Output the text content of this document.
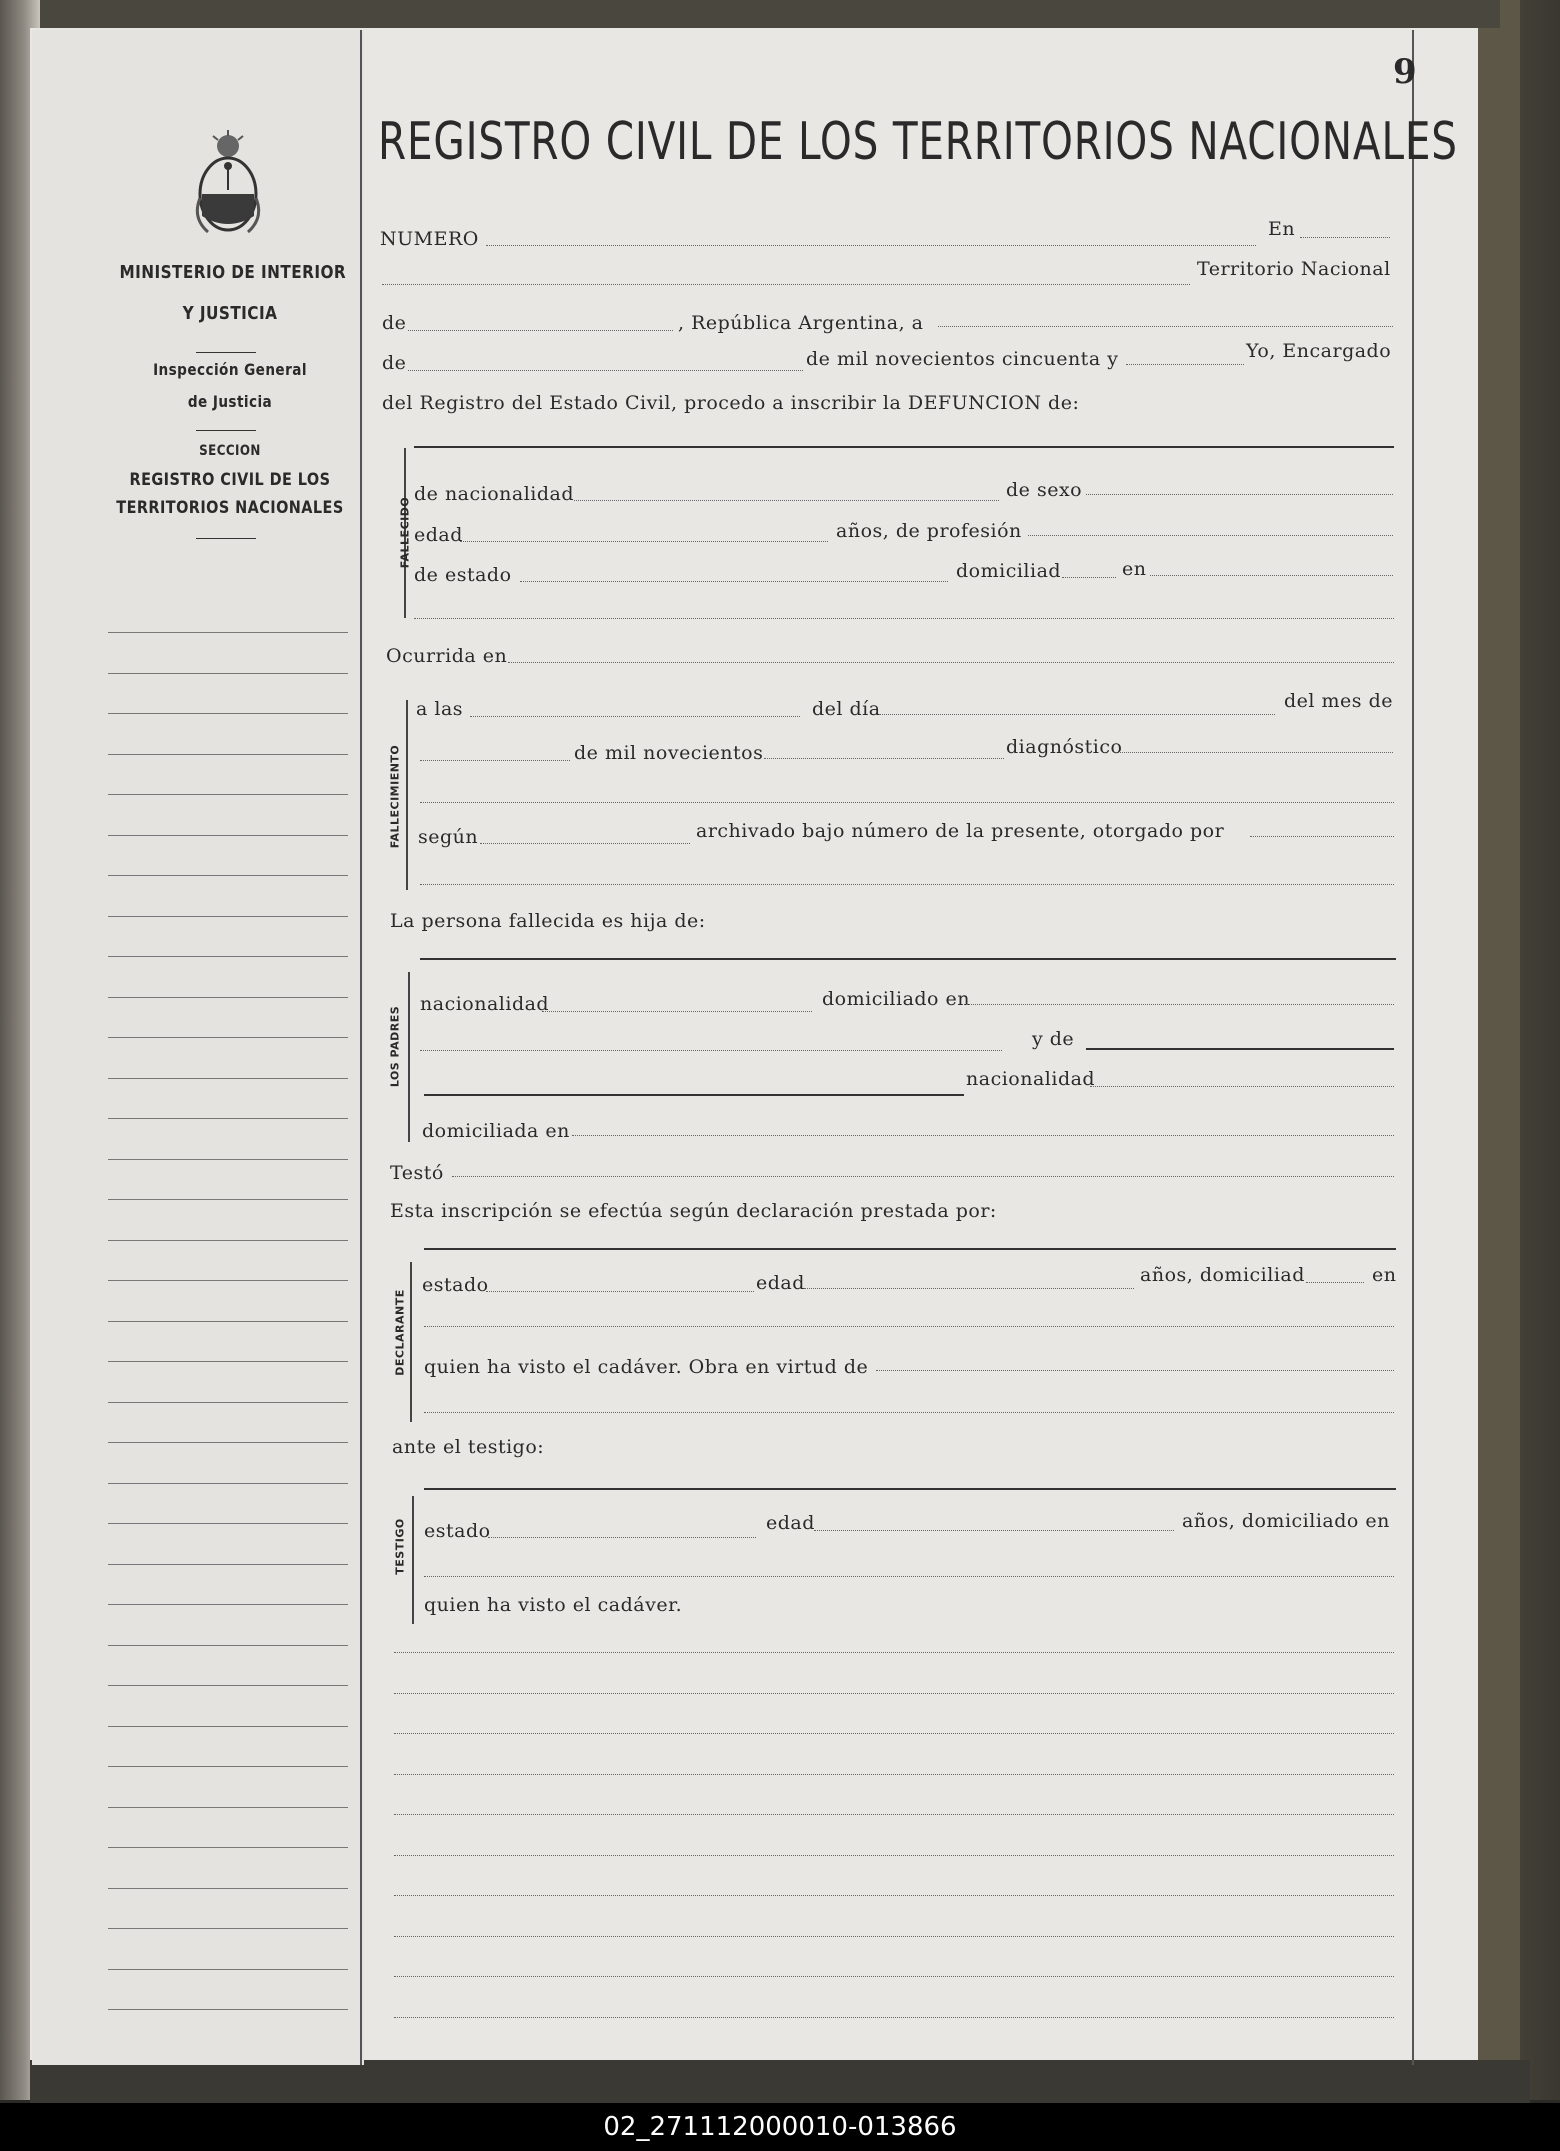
9
MINISTERIO DE INTERIOR
Y JUSTICIA
Inspección General
de Justicia
SECCION
REGISTRO CIVIL DE LOS
TERRITORIOS NACIONALES
REGISTRO CIVIL DE LOS TERRITORIOS NACIONALES
NUMERO	En
Territorio Nacional
de	, República Argentina, a
de	de mil novecientos cincuenta y	Yo, Encargado
del Registro del Estado Civil, procedo a inscribir la DEFUNCION de:
FALLECIDO
de nacionalidad	de sexo
edad	años, de profesión
de estado	domiciliad	en
Ocurrida en
FALLECIMIENTO
a las	del día	del mes de
de mil novecientos	diagnóstico
según	archivado bajo número de la presente, otorgado por
La persona fallecida es hija de:
LOS PADRES
nacionalidad	domiciliado en
y de
nacionalidad
domiciliada en
Testó
Esta inscripción se efectúa según declaración prestada por:
DECLARANTE
estado	edad	años, domiciliad	en
quien ha visto el cadáver. Obra en virtud de
ante el testigo:
TESTIGO estado	edad	años, domiciliado en
quien ha visto el cadáver.
02_271112000010-013866
